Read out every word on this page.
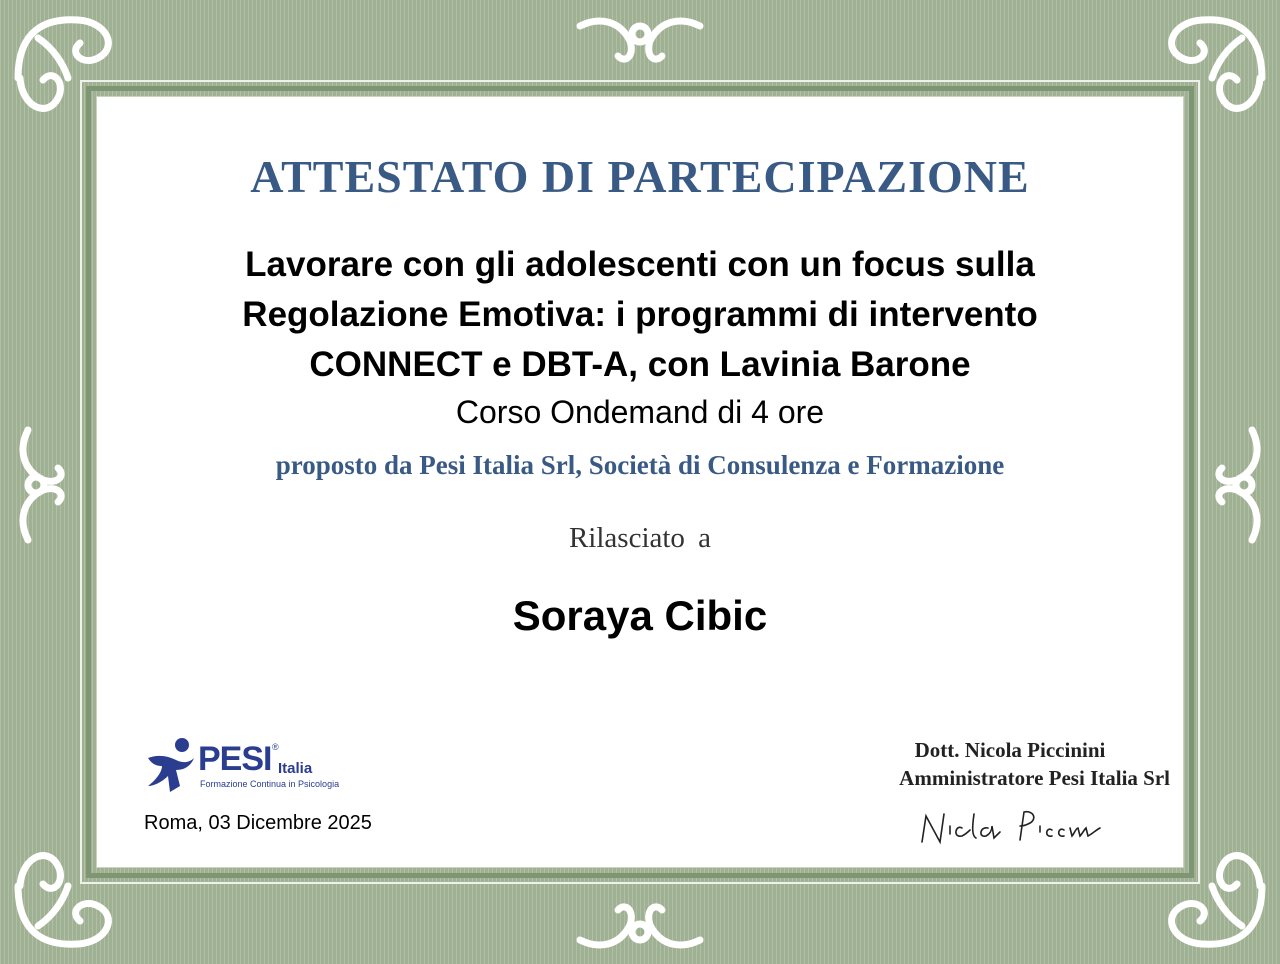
ATTESTATO DI PARTECIPAZIONE
Lavorare con gli adolescenti con un focus sulla
Regolazione Emotiva: i programmi di intervento
CONNECT e DBT-A, con Lavinia Barone
Corso Ondemand di 4 ore
proposto da Pesi Italia Srl, Società di Consulenza e Formazione
Rilasciato a
Soraya Cibic
PESI ®
Italia
Formazione Continua in Psicologia
Roma, 03 Dicembre 2025
Dott. Nicola Piccinini
Amministratore Pesi Italia Srl
